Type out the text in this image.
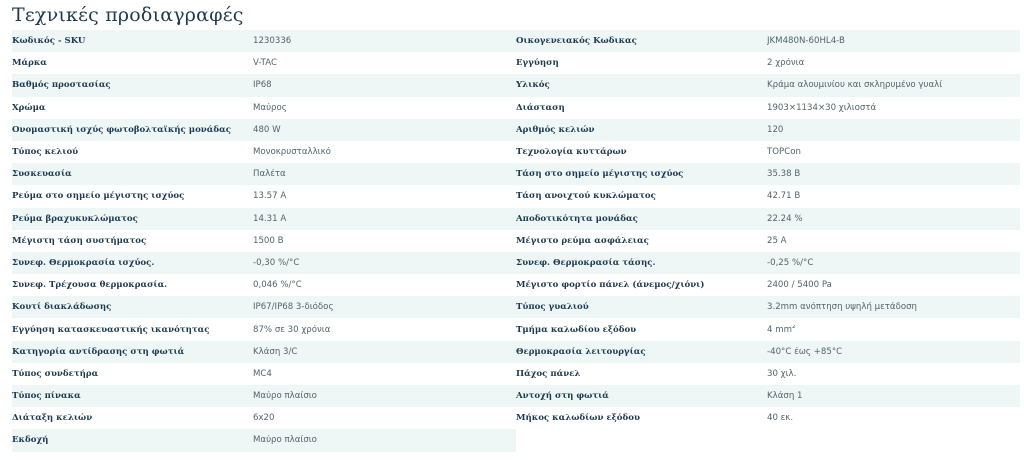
Τεχνικές προδιαγραφές
Κωδικός - SKU	1230336	Οικογενειακός Κωδικας	JKM480N-60HL4-B
Μάρκα	V-TAC	Εγγύηση	2 χρόνια
Βαθμός προστασίας	IP68	Υλικός	Κράμα αλουμινίου και σκληρυμένο γυαλί
Χρώμα	Μαύρος	Διάσταση	1903×1134×30 χιλιοστά
Ονομαστική ισχύς φωτοβολταϊκής μονάδας	480 W	Αριθμός κελιών	120
Τύπος κελιού	Μονοκρυσταλλικό	Τεχνολογία κυττάρων	TOPCon
Συσκευασία	Παλέτα	Τάση στο σημείο μέγιστης ισχύος	35.38 B
Ρεύμα στο σημείο μέγιστης ισχύος	13.57 A	Τάση ανοιχτού κυκλώματος	42.71 B
Ρεύμα βραχυκυκλώματος	14.31 A	Αποδοτικότητα μονάδας	22.24 %
Μέγιστη τάση συστήματος	1500 B	Μέγιστο ρεύμα ασφάλειας	25 A
Συνεφ. Θερμοκρασία ισχύος.	-0,30 %/°C	Συνεφ. Θερμοκρασία τάσης.	-0,25 %/°C
Συνεφ. Τρέχουσα θερμοκρασία.	0,046 %/°C	Μέγιστο φορτίο πάνελ (άνεμος/χιόνι)	2400 / 5400 Pa
Κουτί διακλάδωσης	IP67/IP68 3-διόδος	Τύπος γυαλιού	3.2mm ανόπτηση υψηλή μετάδοση
Εγγύηση κατασκευαστικής ικανότητας	87% σε 30 χρόνια	Τμήμα καλωδίου εξόδου	4 $mm^2$
Κατηγορία αντίδρασης στη φωτιά	Κλάση 3/C	Θερμοκρασία λειτουργίας	-40°C έως +85°C
Τύπος συνδετήρα	MC4	Πάχος πάνελ	30 χιλ.
Τύπος πίνακα	Μαύρο πλαίσιο	Αντοχή στη φωτιά	Κλάση 1
Διάταξη κελιών	6x20	Μήκος καλωδίων εξόδου	40 εκ.
Εκδοχή	Μαύρο πλαίσιο
